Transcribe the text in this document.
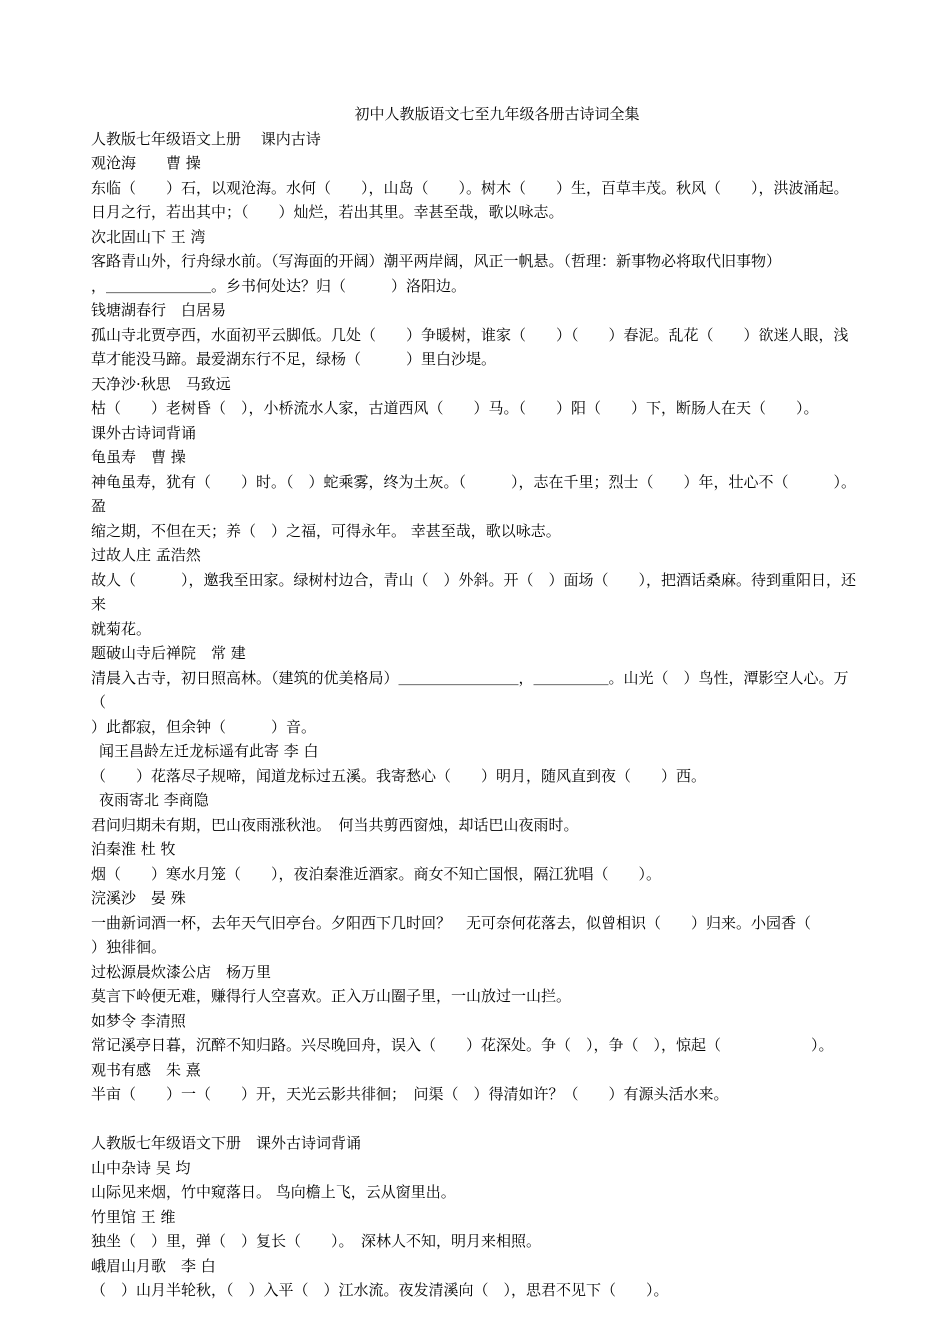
初中人教版语文七至九年级各册古诗词全集
人教版七年级语文上册　 课内古诗
观沧海　　曹 操
东临（　　）石，以观沧海。水何（　　），山岛（　　）。树木（　　）生，百草丰茂。秋风（　　），洪波涌起。
日月之行，若出其中；（　　）灿烂，若出其里。幸甚至哉，歌以咏志。
次北固山下 王 湾
客路青山外，行舟绿水前。（写海面的开阔）潮平两岸阔，风正一帆悬。（哲理：新事物必将取代旧事物）
，＿＿＿＿＿＿＿。乡书何处达？归（　　　）洛阳边。
钱塘湖春行　白居易
孤山寺北贾亭西，水面初平云脚低。几处（　　）争暖树，谁家（　　）（　　）春泥。乱花（　　）欲迷人眼，浅
草才能没马蹄。最爱湖东行不足，绿杨（　　　）里白沙堤。
天净沙·秋思　马致远
枯（　　）老树昏（　），小桥流水人家，古道西风（　　）马。（　　）阳（　　）下，断肠人在天（　　）。
课外古诗词背诵
龟虽寿　曹 操
神龟虽寿，犹有（　　）时。（　）蛇乘雾，终为土灰。（　　　），志在千里；烈士（　　）年，壮心不（　　　）。盈
缩之期，不但在天；养（　）之福，可得永年。 幸甚至哉，歌以咏志。
过故人庄 孟浩然
故人（　　　），邀我至田家。绿树村边合，青山（　）外斜。开（　）面场（　　），把酒话桑麻。待到重阳日，还来
就菊花。
题破山寺后禅院　常 建
清晨入古寺，初日照高林。（建筑的优美格局）＿＿＿＿＿＿＿＿，＿＿＿＿＿。山光（　）鸟性，潭影空人心。万（
）此都寂，但余钟（　　　）音。
闻王昌龄左迁龙标遥有此寄 李 白
（　　）花落尽子规啼，闻道龙标过五溪。我寄愁心（　　）明月，随风直到夜（　　）西。
夜雨寄北 李商隐
君问归期未有期，巴山夜雨涨秋池。　何当共剪西窗烛，却话巴山夜雨时。
泊秦淮 杜 牧
烟（　　）寒水月笼（　　），夜泊秦淮近酒家。商女不知亡国恨，隔江犹唱（　　）。
浣溪沙　晏 殊
一曲新词酒一杯，去年天气旧亭台。夕阳西下几时回？　无可奈何花落去，似曾相识（　　）归来。小园香（
）独徘徊。
过松源晨炊漆公店　杨万里
莫言下岭便无难，赚得行人空喜欢。正入万山圈子里，一山放过一山拦。
如梦令 李清照
常记溪亭日暮，沉醉不知归路。兴尽晚回舟，误入（　　）花深处。争（　），争（　），惊起（　　　　　　）。
观书有感　朱 熹
半亩（　　）一（　　）开，天光云影共徘徊；　问渠（　）得清如许？（　　）有源头活水来。
人教版七年级语文下册　课外古诗词背诵
山中杂诗 吴 均
山际见来烟，竹中窥落日。 鸟向檐上飞，云从窗里出。
竹里馆 王 维
独坐（　）里，弹（　）复长（　　）。　深林人不知，明月来相照。
峨眉山月歌　李 白
（　）山月半轮秋，（　）入平（　）江水流。夜发清溪向（　），思君不见下（　　）。
